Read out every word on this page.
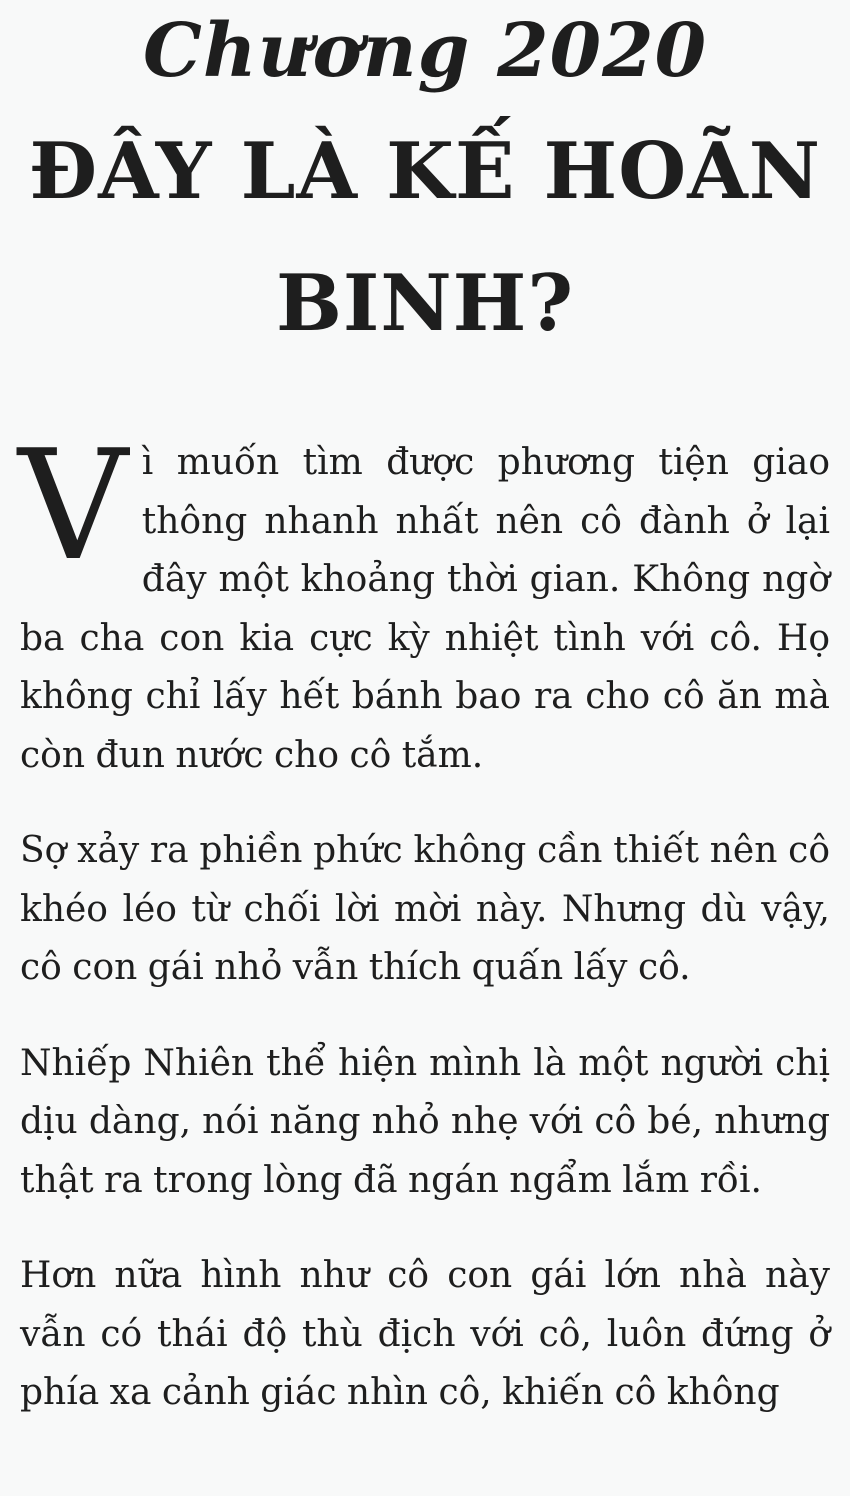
Chương 2020
ĐÂY LÀ KẾ HOÃN
BINH?

Vì muốn tìm được phương tiện giao thông nhanh nhất nên cô đành ở lại đây một khoảng thời gian. Không ngờ ba cha con kia cực kỳ nhiệt tình với cô. Họ không chỉ lấy hết bánh bao ra cho cô ăn mà còn đun nước cho cô tắm.

Sợ xảy ra phiền phức không cần thiết nên cô khéo léo từ chối lời mời này. Nhưng dù vậy, cô con gái nhỏ vẫn thích quấn lấy cô.

Nhiếp Nhiên thể hiện mình là một người chị dịu dàng, nói năng nhỏ nhẹ với cô bé, nhưng thật ra trong lòng đã ngán ngẩm lắm rồi.

Hơn nữa hình như cô con gái lớn nhà này vẫn có thái độ thù địch với cô, luôn đứng ở phía xa cảnh giác nhìn cô, khiến cô không
